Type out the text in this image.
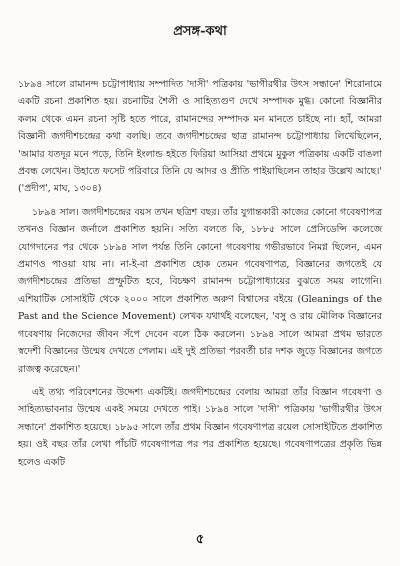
প্রসঙ্গ-কথা

১৮৯৪ সালে রামানন্দ চট্টোপাধ্যায় সম্পাদিত 'দাসী' পত্রিকায় 'ভাগীরথীর উৎস সন্ধানে' শিরোনামে একটি রচনা প্রকাশিত হয়। রচনাটির শৈলী ও সাহিত্যগুণ দেখে সম্পাদক মুগ্ধ। কোনো বিজ্ঞানীর কলম থেকে এমন রচনা সৃষ্টি হতে পারে, রামানন্দের সম্পাদক মন মানতে চাইছে না। হ্যাঁ, আমরা বিজ্ঞানী জগদীশচন্দ্রের কথা বলছি। তবে জগদীশচন্দ্রের ছাত্র রামানন্দ চট্টোপাধ্যায় লিখেছিলেন, 'আমার যতদূর মনে পড়ে, তিনি ইংলান্ড হইতে ফিরিয়া আসিয়া প্রথমে মুকুল পত্রিকায় একটি বাঙলা প্রবন্ধ লেখেন। উহাতে ফসেট পরিবারে তিনি যে আদর ও প্রীতি পাইয়াছিলেন তাহার উল্লেখ আছে।' ('প্রদীপ', মাঘ, ১৩০৪)

১৮৯৪ সাল। জগদীশচন্দ্রের বয়স তখন ছত্রিশ বছর। তাঁর যুগান্তকারী কাজের কোনো গবেষণাপত্র তখনও বিজ্ঞান জর্নালে প্রকাশিত হয়নি। সত্যি বলতে কি, ১৮৮৫ সালে প্রেসিডেন্সি কলেজে যোগদানের পর থেকে ১৮৯৪ সাল পর্যন্ত তিনি কোনো গবেষণায় গভীরভাবে নিমগ্ন ছিলেন, এমন প্রমাণও পাওয়া যায় না। না-ই-বা প্রকাশিত হোক তেমন গবেষণাপত্র, বিজ্ঞানের জগতেই যে জগদীশচন্দ্রের প্রতিভা প্রস্ফুটিত হবে, বিচক্ষণ রামানন্দ চট্টোপাধ্যায়ের বুঝতে সময় লাগেনি। এশিয়াটিক সোসাইটি থেকে ২০০০ সালে প্রকাশিত অরুণ বিশ্বাসের বইয়ে (Gleanings of the Past and the Science Movement) লেখক যথার্থই বলেছেন, 'বসু ও রায় মৌলিক বিজ্ঞানের গবেষণায় নিজেদের জীবন সঁপে দেবেন বলে ঠিক করলেন। ১৮৯৪ সালে আমরা প্রথম ভারতে স্বদেশী বিজ্ঞানের উন্মেষ দেখতে পেলাম। এই দুই প্রতিভা পরবর্তী চার দশক জুড়ে বিজ্ঞানের জগতে রাজত্ব করেছেন।'

এই তথ্য পরিবেশনের উদ্দেশ্য একটিই। জগদীশচন্দ্রের বেলায় আমরা তাঁর বিজ্ঞান গবেষণা ও সাহিত্যভাবনার উন্মেষ একই সময়ে দেখতে পাই। ১৮৯৪ সালে 'দাসী' পত্রিকায় 'ভাগীরথীর উৎস সন্ধানে' প্রকাশিত হয়েছে। ১৮৯৫ সালে তাঁর প্রথম বিজ্ঞান গবেষণাপত্র রয়েল সোসাইটিতে প্রকাশিত হয়। ওই বছর তাঁর লেখা পাঁচটি গবেষণাপত্র পর পর প্রকাশিত হয়েছে। গবেষণাপত্রের প্রকৃতি ভিন্ন হলেও একটি

৫
